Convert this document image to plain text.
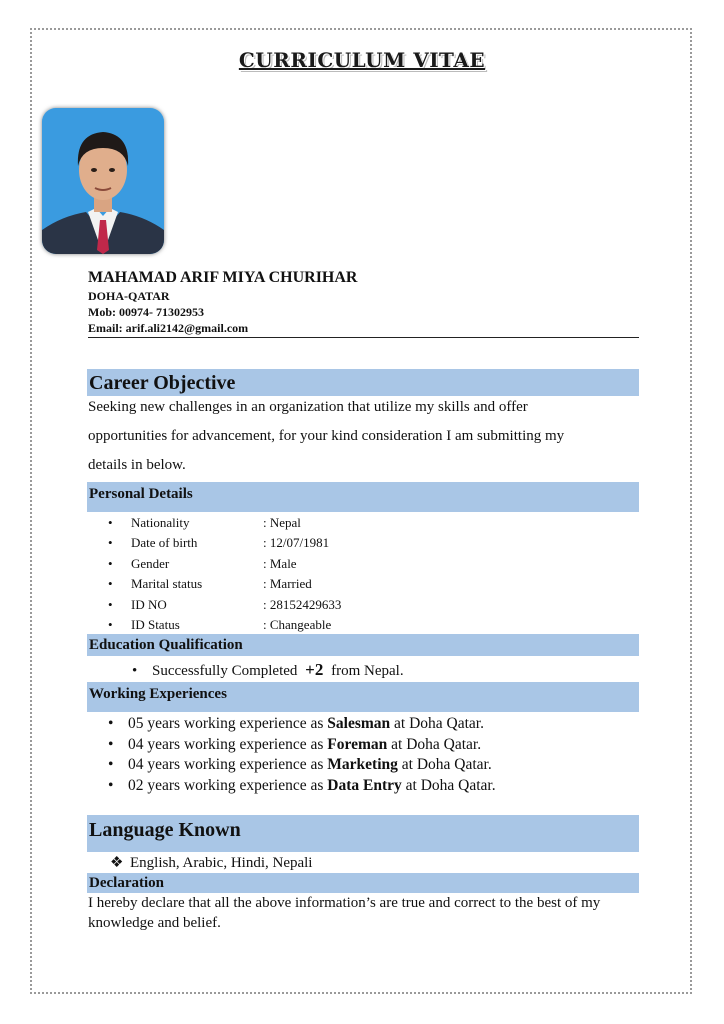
CURRICULUM VITAE
MAHAMAD ARIF MIYA CHURIHAR
DOHA-QATAR
Mob: 00974- 71302953
Email: arif.ali2142@gmail.com
Career Objective
Seeking new challenges in an organization that utilize my skills and offer
opportunities for advancement, for your kind consideration I am submitting my
details in below.
Personal Details
• Nationality	: Nepal
• Date of birth	: 12/07/1981
• Gender	: Male
• Marital status	: Married
• ID NO	: 28152429633
• ID Status	: Changeable
Education Qualification
• Successfully Completed +2 from Nepal.
Working Experiences
• 05 years working experience as Salesman at Doha Qatar.
• 04 years working experience as Foreman at Doha Qatar.
• 04 years working experience as Marketing at Doha Qatar.
• 02 years working experience as Data Entry at Doha Qatar.
Language Known
❖ English, Arabic, Hindi, Nepali
Declaration
I hereby declare that all the above information’s are true and correct to the best of my knowledge and belief.
